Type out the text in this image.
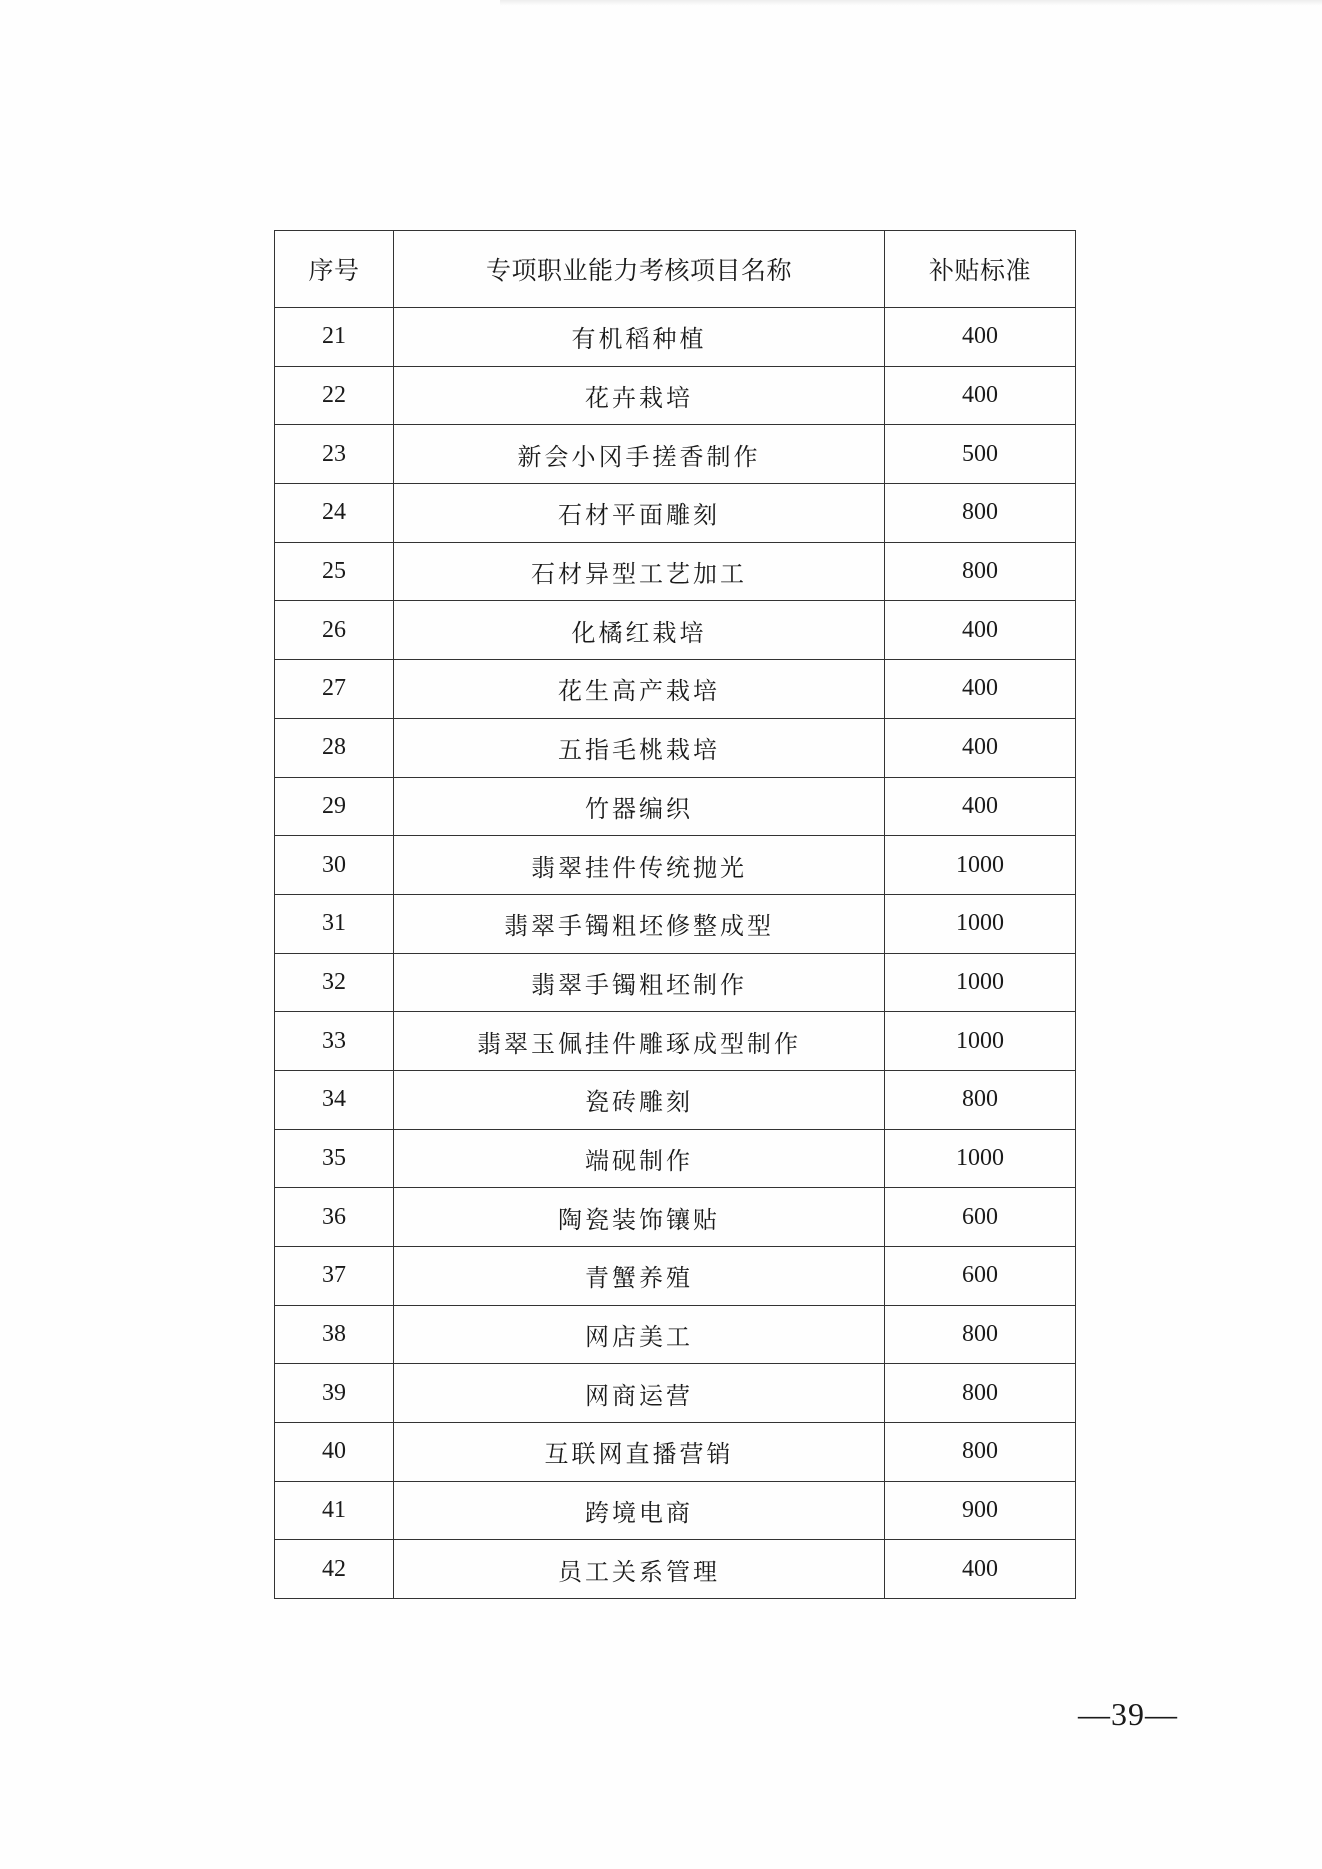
序号	专项职业能力考核项目名称	补贴标准
21	有机稻种植	400
22	花卉栽培	400
23	新会小冈手搓香制作	500
24	石材平面雕刻	800
25	石材异型工艺加工	800
26	化橘红栽培	400
27	花生高产栽培	400
28	五指毛桃栽培	400
29	竹器编织	400
30	翡翠挂件传统抛光	1000
31	翡翠手镯粗坯修整成型	1000
32	翡翠手镯粗坯制作	1000
33	翡翠玉佩挂件雕琢成型制作	1000
34	瓷砖雕刻	800
35	端砚制作	1000
36	陶瓷装饰镶贴	600
37	青蟹养殖	600
38	网店美工	800
39	网商运营	800
40	互联网直播营销	800
41	跨境电商	900
42	员工关系管理	400
—39—
